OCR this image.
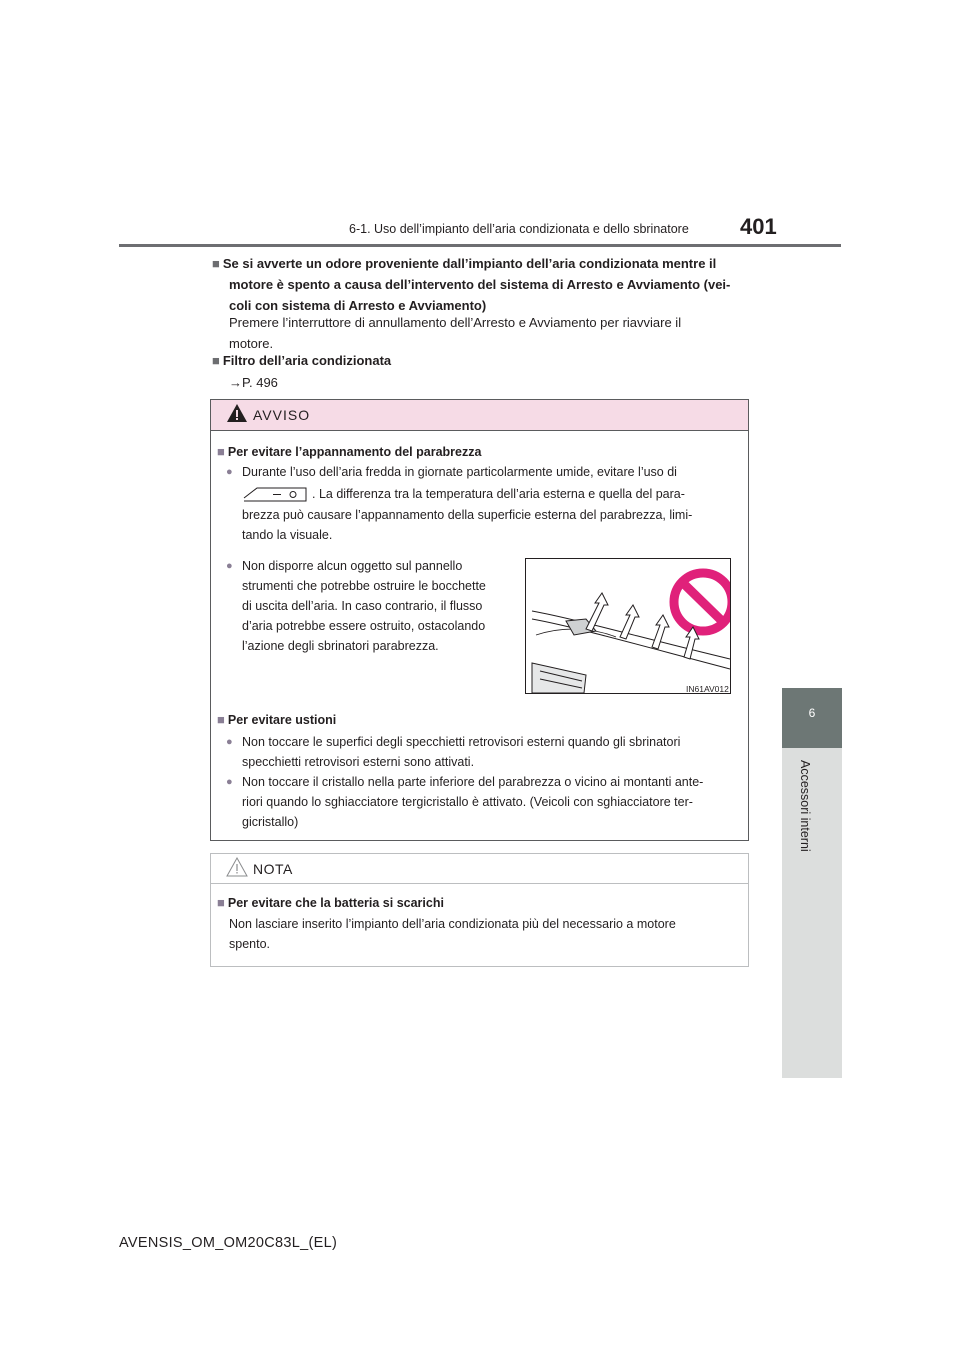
6-1. Uso dell’impianto dell’aria condizionata e dello sbrinatore 401
6
Accessori interni
■ Se si avverte un odore proveniente dall’impianto dell’aria condizionata mentre il
motore è spento a causa dell’intervento del sistema di Arresto e Avviamento (vei-
coli con sistema di Arresto e Avviamento)
Premere l’interruttore di annullamento dell’Arresto e Avviamento per riavviare il
motore.
■ Filtro dell’aria condizionata
→P. 496
AVVISO
■ Per evitare l’appannamento del parabrezza
● Durante l’uso dell’aria fredda in giornate particolarmente umide, evitare l’uso di
. La differenza tra la temperatura dell’aria esterna e quella del para-
brezza può causare l’appannamento della superficie esterna del parabrezza, limi-
tando la visuale.
● Non disporre alcun oggetto sul pannello
strumenti che potrebbe ostruire le bocchette
di uscita dell’aria. In caso contrario, il flusso
d’aria potrebbe essere ostruito, ostacolando
l’azione degli sbrinatori parabrezza.
IN61AV012
■ Per evitare ustioni
● Non toccare le superfici degli specchietti retrovisori esterni quando gli sbrinatori
specchietti retrovisori esterni sono attivati.
● Non toccare il cristallo nella parte inferiore del parabrezza o vicino ai montanti ante-
riori quando lo sghiacciatore tergicristallo è attivato. (Veicoli con sghiacciatore ter-
gicristallo)
NOTA
■ Per evitare che la batteria si scarichi
Non lasciare inserito l’impianto dell’aria condizionata più del necessario a motore
spento.
AVENSIS_OM_OM20C83L_(EL)
